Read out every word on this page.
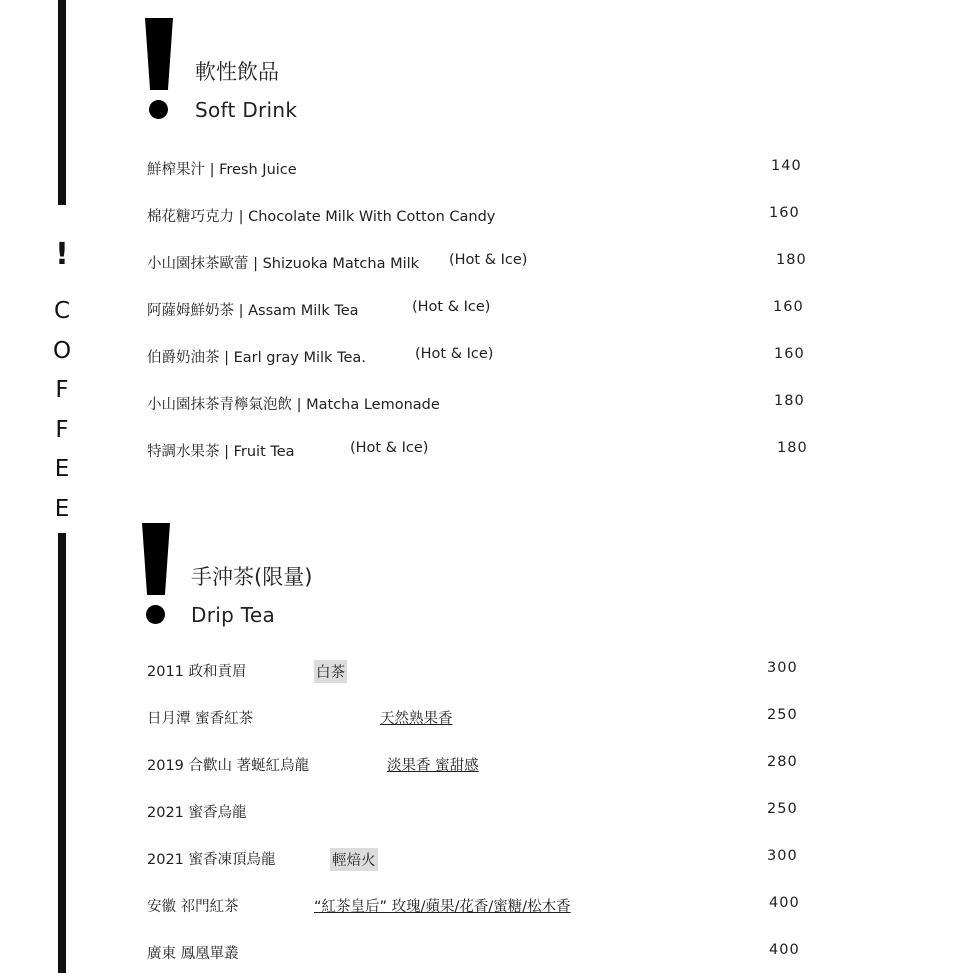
!
C
O
F
F
E
E
軟性飲品
Soft Drink
鮮榨果汁 | Fresh Juice	140
棉花糖巧克力 | Chocolate Milk With Cotton Candy	160
小山園抹茶歐蕾 | Shizuoka Matcha Milk (Hot & Ice)	180
阿薩姆鮮奶茶 | Assam Milk Tea	(Hot & Ice)	160
伯爵奶油茶 | Earl gray Milk Tea.	(Hot & Ice)	160
小山園抹茶青檸氣泡飲 | Matcha Lemonade	180
特調水果茶 | Fruit Tea	(Hot & Ice)	180
手沖茶(限量)
Drip Tea
2011 政和貢眉	白茶	300
日月潭 蜜香紅茶	天然熟果香	250
2019 合歡山 著蜒紅烏龍	淡果香 蜜甜感	280
2021 蜜香烏龍	250
2021 蜜香凍頂烏龍	輕焙火	300
安徽 祁門紅茶	“紅茶皇后” 玫瑰/蘋果/花香/蜜糖/松木香	400
廣東 鳳凰單叢	400
